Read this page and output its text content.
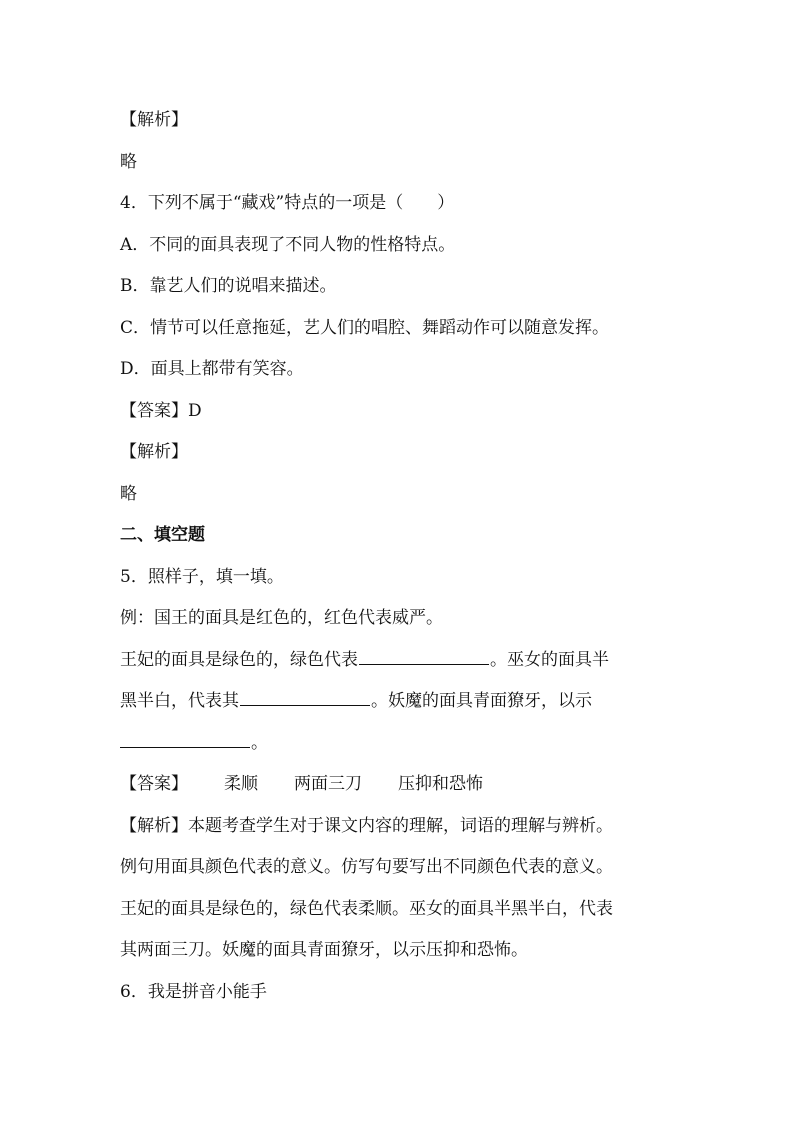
【解析】
略
4．下列不属于“藏戏”特点的一项是（　　）
A．不同的面具表现了不同人物的性格特点。
B．靠艺人们的说唱来描述。
C．情节可以任意拖延，艺人们的唱腔、舞蹈动作可以随意发挥。
D．面具上都带有笑容。
【答案】D
【解析】
略
二、填空题
5．照样子，填一填。
例：国王的面具是红色的，红色代表威严。
王妃的面具是绿色的，绿色代表	。巫女的面具半
黑半白，代表其	。妖魔的面具青面獠牙，以示
。
【答案】 柔顺 两面三刀 压抑和恐怖
【解析】本题考查学生对于课文内容的理解，词语的理解与辨析。
例句用面具颜色代表的意义。仿写句要写出不同颜色代表的意义。
王妃的面具是绿色的，绿色代表柔顺。巫女的面具半黑半白，代表
其两面三刀。妖魔的面具青面獠牙，以示压抑和恐怖。
6．我是拼音小能手
